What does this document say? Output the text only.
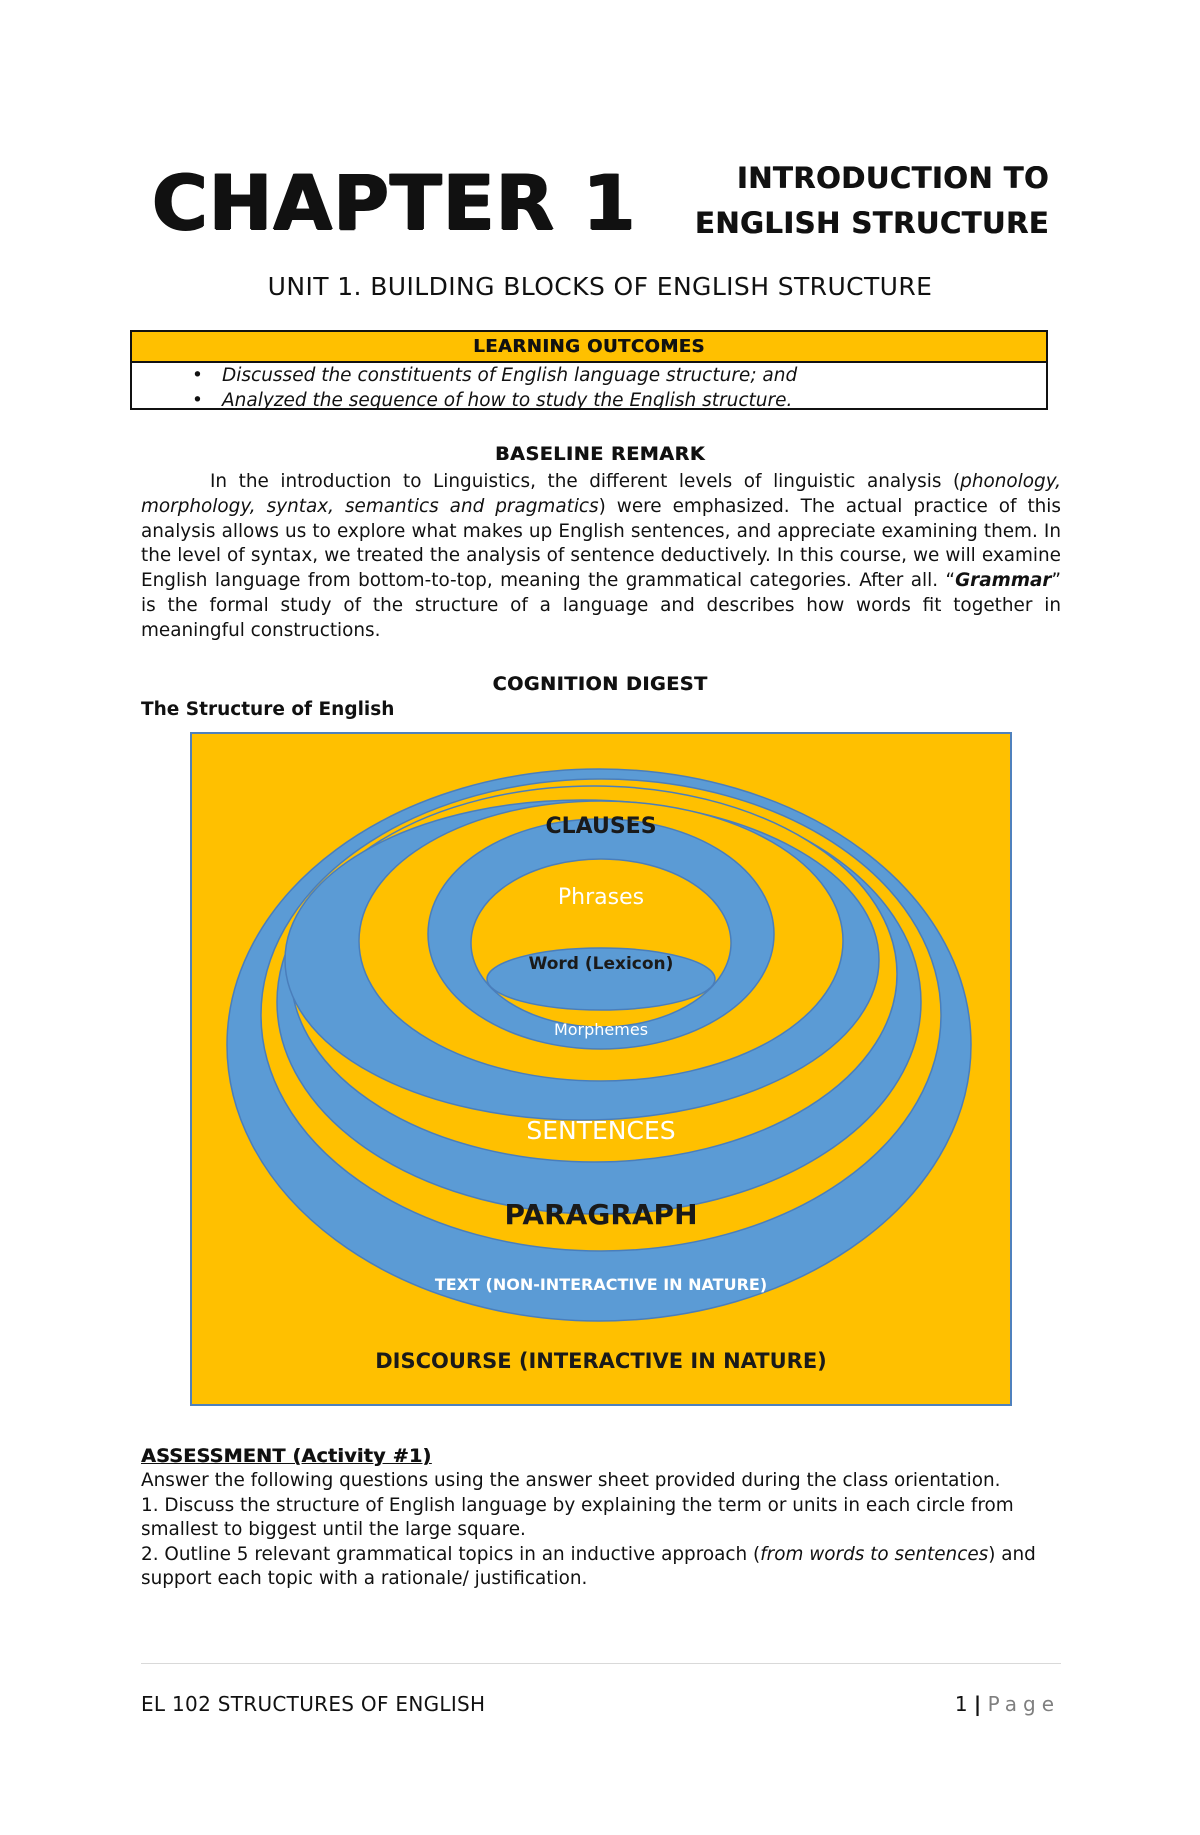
CHAPTER 1	INTRODUCTION TO
ENGLISH STRUCTURE
UNIT 1. BUILDING BLOCKS OF ENGLISH STRUCTURE
LEARNING OUTCOMES
• Discussed the constituents of English language structure; and
• Analyzed the sequence of how to study the English structure.
BASELINE REMARK
In the introduction to Linguistics, the different levels of linguistic analysis (phonology, morphology, syntax, semantics and pragmatics) were emphasized. The actual practice of this analysis allows us to explore what makes up English sentences, and appreciate examining them. In the level of syntax, we treated the analysis of sentence deductively. In this course, we will examine English language from bottom-to-top, meaning the grammatical categories. After all. “Grammar” is the formal study of the structure of a language and describes how words fit together in meaningful constructions.
COGNITION DIGEST
The Structure of English
CLAUSES
Phrases
Word (Lexicon)
Morphemes
SENTENCES
PARAGRAPH
TEXT (NON-INTERACTIVE IN NATURE)
DISCOURSE (INTERACTIVE IN NATURE)
ASSESSMENT (Activity #1)
Answer the following questions using the answer sheet provided during the class orientation.
1. Discuss the structure of English language by explaining the term or units in each circle from
smallest to biggest until the large square.
2. Outline 5 relevant grammatical topics in an inductive approach (from words to sentences) and
support each topic with a rationale/ justification.
EL 102 STRUCTURES OF ENGLISH	1 | Page
